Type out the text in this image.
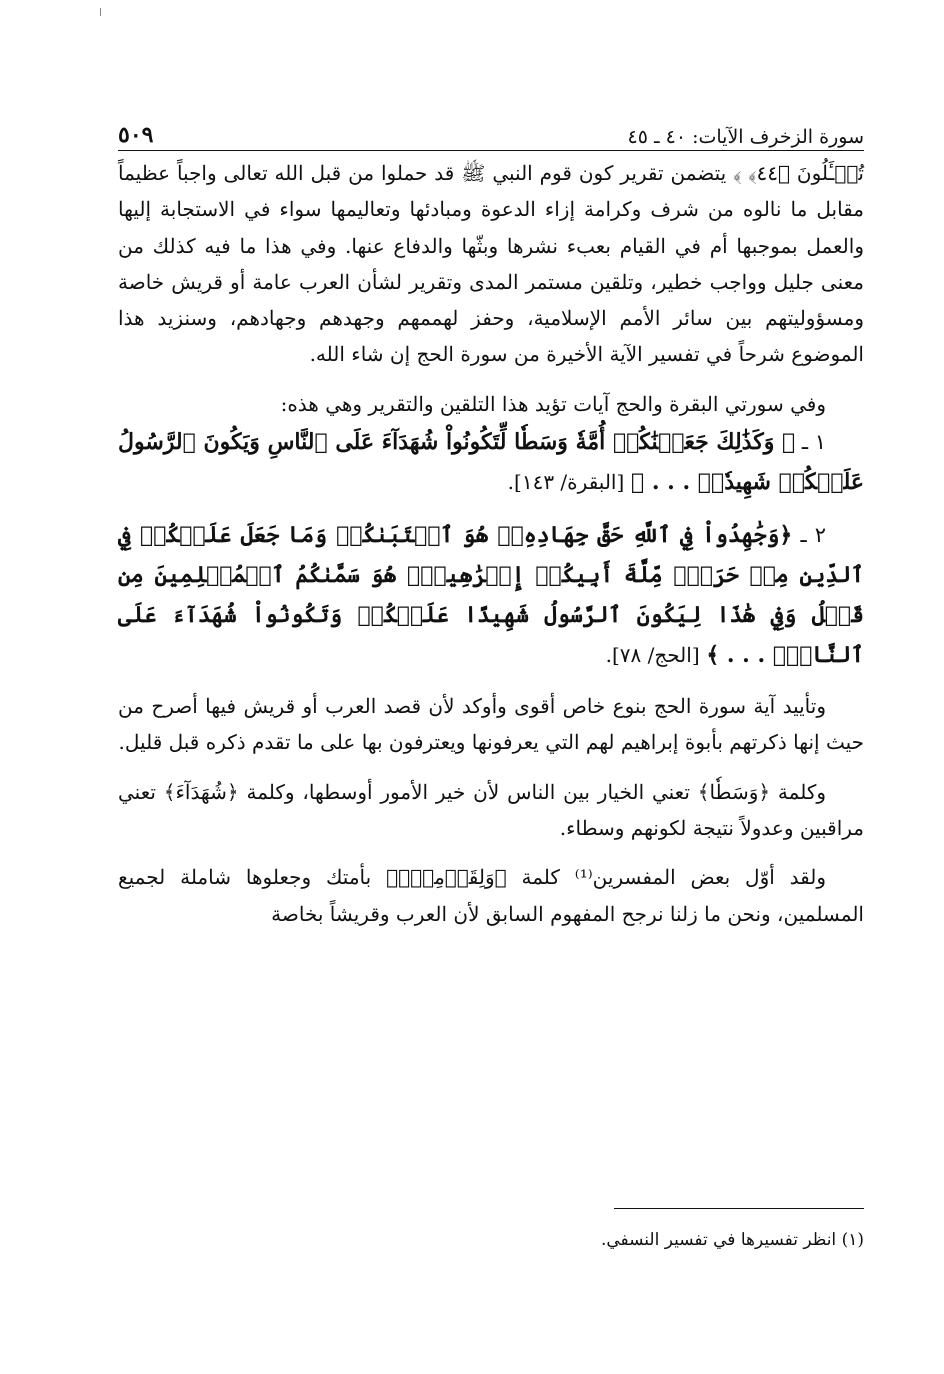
سورة الزخرف الآيات: ٤٠ ـ ٤٥
٥٠٩

تُسۡـَٔلُونَ ﴿٤٤﴾ ﴾ يتضمن تقرير كون قوم النبي ﷺ قد حملوا من قبل الله تعالى واجباً عظيماً مقابل ما نالوه من شرف وكرامة إزاء الدعوة ومبادئها وتعاليمها سواء في الاستجابة إليها والعمل بموجبها أم في القيام بعبء نشرها وبثّها والدفاع عنها. وفي هذا ما فيه كذلك من معنى جليل وواجب خطير، وتلقين مستمر المدى وتقرير لشأن العرب عامة أو قريش خاصة ومسؤوليتهم بين سائر الأمم الإسلامية، وحفز لهممهم وجهدهم وجهادهم، وسنزيد هذا الموضوع شرحاً في تفسير الآية الأخيرة من سورة الحج إن شاء الله.

وفي سورتي البقرة والحج آيات تؤيد هذا التلقين والتقرير وهي هذه:

١ ـ ﴿ وَكَذَٰلِكَ جَعَلۡنَٰكُمۡ أُمَّةٗ وَسَطٗا لِّتَكُونُواْ شُهَدَآءَ عَلَى ٱلنَّاسِ وَيَكُونَ ٱلرَّسُولُ عَلَيۡكُمۡ شَهِيدٗاۗ . . . ﴾ [البقرة/ ١٤٣].

٢ ـ ﴿وَجَٰهِدُواْ فِي ٱللَّهِ حَقَّ جِهَادِهِۦۚ هُوَ ٱجۡتَبَىٰكُمۡ وَمَا جَعَلَ عَلَيۡكُمۡ فِي ٱلدِّينِ مِنۡ حَرَجٖۚ مِّلَّةَ أَبِيكُمۡ إِبۡرَٰهِيمَۚ هُوَ سَمَّىٰكُمُ ٱلۡمُسۡلِمِينَ مِن قَبۡلُ وَفِي هَٰذَا لِيَكُونَ ٱلرَّسُولُ شَهِيدًا عَلَيۡكُمۡ وَتَكُونُواْ شُهَدَآءَ عَلَى ٱلنَّاسِۚ . . . ﴾ [الحج/ ٧٨].

وتأييد آية سورة الحج بنوع خاص أقوى وأوكد لأن قصد العرب أو قريش فيها أصرح من حيث إنها ذكرتهم بأبوة إبراهيم لهم التي يعرفونها ويعترفون بها على ما تقدم ذكره قبل قليل.

وكلمة ﴿وَسَطٗا﴾ تعني الخيار بين الناس لأن خير الأمور أوسطها، وكلمة ﴿شُهَدَآءَ﴾ تعني مراقبين وعدولاً نتيجة لكونهم وسطاء.

ولقد أوّل بعض المفسرين⁽¹⁾ كلمة ﴿وَلِقَوۡمِكَۖ﴾ بأمتك وجعلوها شاملة لجميع المسلمين، ونحن ما زلنا نرجح المفهوم السابق لأن العرب وقريشاً بخاصة

(١) انظر تفسيرها في تفسير النسفي.
